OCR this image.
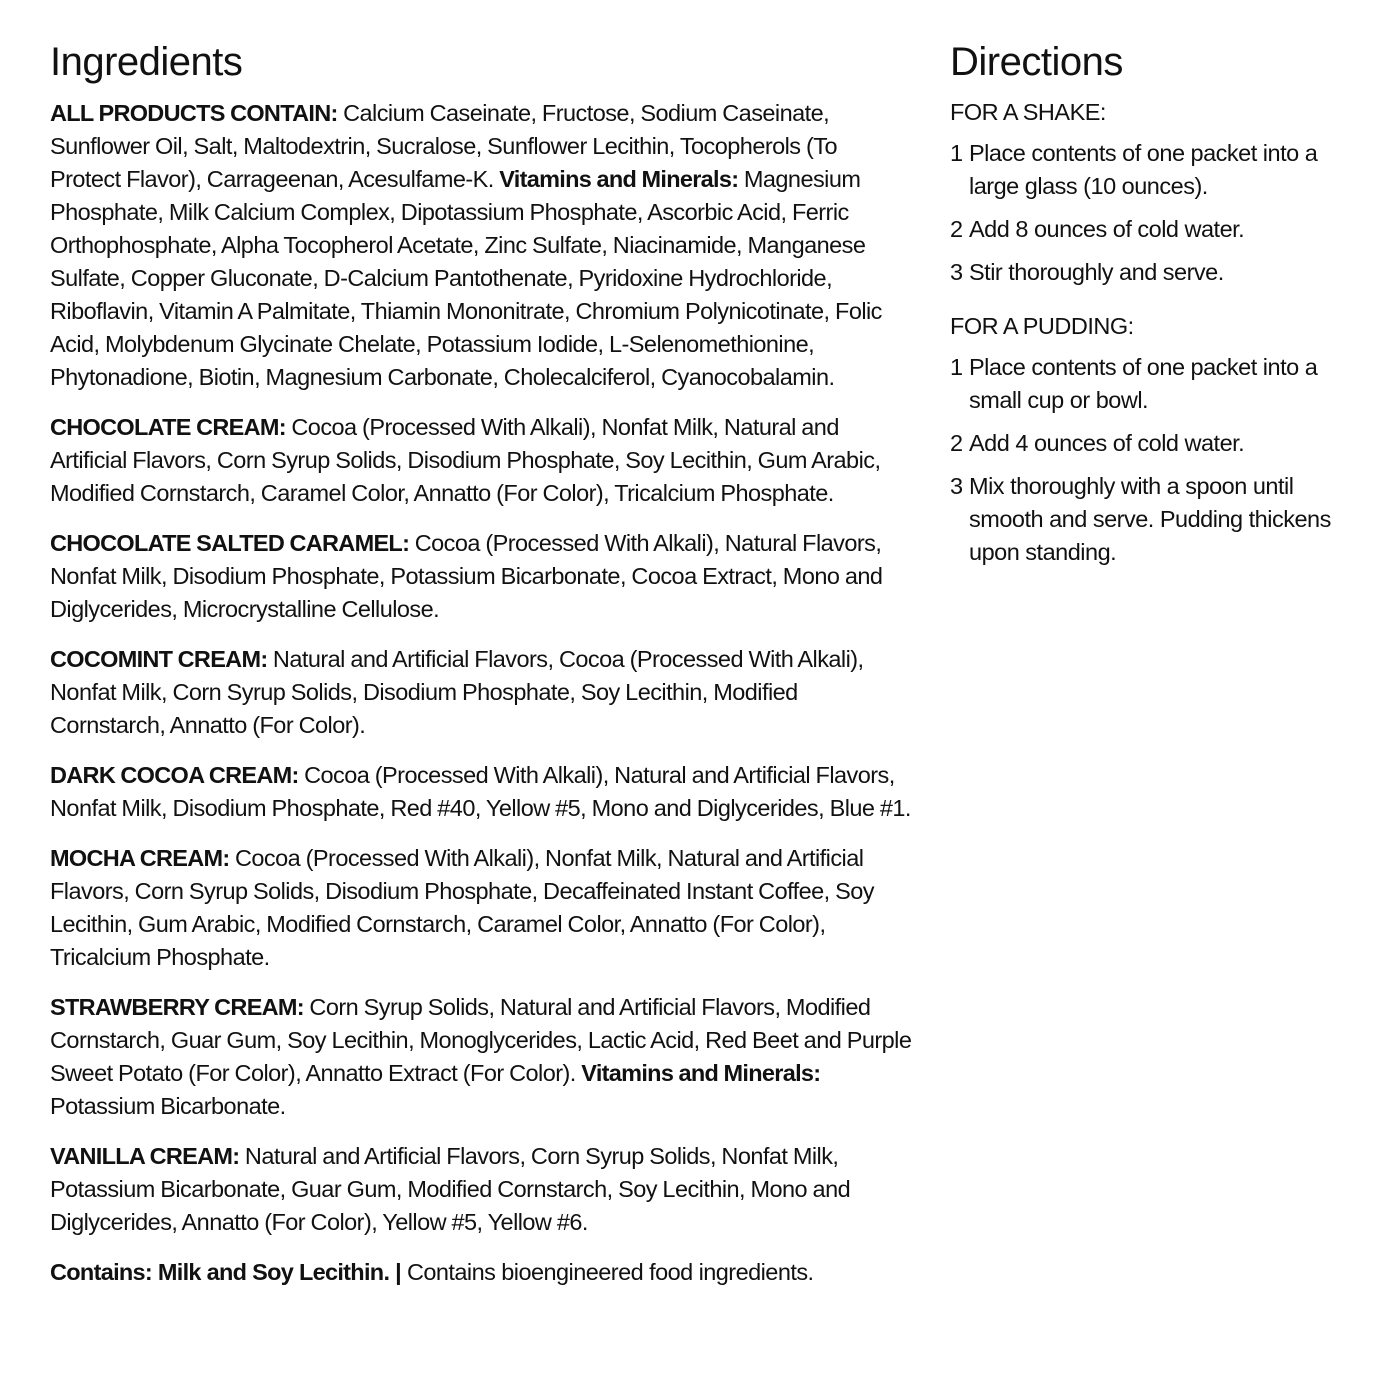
Ingredients

ALL PRODUCTS CONTAIN: Calcium Caseinate, Fructose, Sodium Caseinate, Sunflower Oil, Salt, Maltodextrin, Sucralose, Sunflower Lecithin, Tocopherols (To Protect Flavor), Carrageenan, Acesulfame-K. Vitamins and Minerals: Magnesium Phosphate, Milk Calcium Complex, Dipotassium Phosphate, Ascorbic Acid, Ferric Orthophosphate, Alpha Tocopherol Acetate, Zinc Sulfate, Niacinamide, Manganese Sulfate, Copper Gluconate, D-Calcium Pantothenate, Pyridoxine Hydrochloride, Riboflavin, Vitamin A Palmitate, Thiamin Mononitrate, Chromium Polynicotinate, Folic Acid, Molybdenum Glycinate Chelate, Potassium Iodide, L-Selenomethionine, Phytonadione, Biotin, Magnesium Carbonate, Cholecalciferol, Cyanocobalamin.

CHOCOLATE CREAM: Cocoa (Processed With Alkali), Nonfat Milk, Natural and Artificial Flavors, Corn Syrup Solids, Disodium Phosphate, Soy Lecithin, Gum Arabic, Modified Cornstarch, Caramel Color, Annatto (For Color), Tricalcium Phosphate.

CHOCOLATE SALTED CARAMEL: Cocoa (Processed With Alkali), Natural Flavors, Nonfat Milk, Disodium Phosphate, Potassium Bicarbonate, Cocoa Extract, Mono and Diglycerides, Microcrystalline Cellulose.

COCOMINT CREAM: Natural and Artificial Flavors, Cocoa (Processed With Alkali), Nonfat Milk, Corn Syrup Solids, Disodium Phosphate, Soy Lecithin, Modified Cornstarch, Annatto (For Color).

DARK COCOA CREAM: Cocoa (Processed With Alkali), Natural and Artificial Flavors, Nonfat Milk, Disodium Phosphate, Red #40, Yellow #5, Mono and Diglycerides, Blue #1.

MOCHA CREAM: Cocoa (Processed With Alkali), Nonfat Milk, Natural and Artificial Flavors, Corn Syrup Solids, Disodium Phosphate, Decaffeinated Instant Coffee, Soy Lecithin, Gum Arabic, Modified Cornstarch, Caramel Color, Annatto (For Color), Tricalcium Phosphate.

STRAWBERRY CREAM: Corn Syrup Solids, Natural and Artificial Flavors, Modified Cornstarch, Guar Gum, Soy Lecithin, Monoglycerides, Lactic Acid, Red Beet and Purple Sweet Potato (For Color), Annatto Extract (For Color). Vitamins and Minerals: Potassium Bicarbonate.

VANILLA CREAM: Natural and Artificial Flavors, Corn Syrup Solids, Nonfat Milk, Potassium Bicarbonate, Guar Gum, Modified Cornstarch, Soy Lecithin, Mono and Diglycerides, Annatto (For Color), Yellow #5, Yellow #6.

Contains: Milk and Soy Lecithin. | Contains bioengineered food ingredients.

Directions
FOR A SHAKE:
1 Place contents of one packet into a large glass (10 ounces).
2 Add 8 ounces of cold water.
3 Stir thoroughly and serve.
FOR A PUDDING:
1 Place contents of one packet into a small cup or bowl.
2 Add 4 ounces of cold water.
3 Mix thoroughly with a spoon until smooth and serve. Pudding thickens upon standing.
